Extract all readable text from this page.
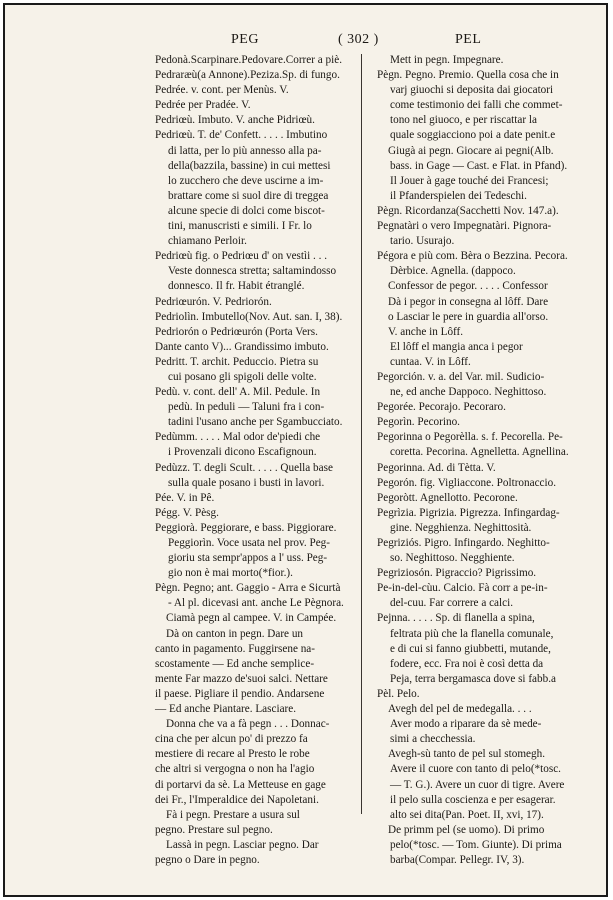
PEG	( 302 )	PEL
Pedonà.Scarpinare.Pedovare.Correr a piè.
Pedraræù(a Annone).Peziza.Sp. di fungo.
Pedrée. v. cont. per Menùs. V.
Pedrée per Pradée. V.
Pedriœù. Imbuto. V. anche Pidriœù.
Pedriœù. T. de' Confett. . . . . Imbutino
di latta, per lo più annesso alla pa-
della(bazzila, bassine) in cui mettesi
lo zucchero che deve uscirne a im-
brattare come si suol dire di treggea
alcune specie di dolci come biscot-
tini, manuscristi e simili. I Fr. lo
chiamano Perloir.
Pedriœù fig. o Pedriœu d' on vestìi . . .
Veste donnesca stretta; saltamindosso
donnesco. Il fr. Habit étranglé.
Pedriœurón. V. Pedriorón.
Pedriolìn. Imbutello(Nov. Aut. san. I, 38).
Pedriorón o Pedriœurón (Porta Vers.
Dante canto V)... Grandissimo imbuto.
Pedritt. T. archit. Peduccio. Pietra su
cui posano gli spigoli delle volte.
Pedù. v. cont. dell' A. Mil. Pedule. In
pedù. In peduli — Taluni fra i con-
tadini l'usano anche per Sgambucciato.
Pedùmm. . . . . Mal odor de'piedi che
i Provenzali dicono Escafignoun.
Pedùzz. T. degli Scult. . . . . Quella base
sulla quale posano i busti in lavori.
Pée. V. in Pê.
Pégg. V. Pèsg.
Peggiorà. Peggiorare, e bass. Piggiorare.
Peggiorìn. Voce usata nel prov. Peg-
gioriu sta sempr'appos a l' uss. Peg-
gio non è mai morto(*fior.).
Pègn. Pegno; ant. Gaggio - Arra e Sicurtà
- Al pl. dicevasi ant. anche Le Pègnora.
Ciamà pegn al campee. V. in Campée.
Dà on canton in pegn. Dare un
canto in pagamento. Fuggirsene na-
scostamente — Ed anche semplice-
mente Far mazzo de'suoi salci. Nettare
il paese. Pigliare il pendio. Andarsene
— Ed anche Piantare. Lasciare.
Donna che va a fà pegn . . . Donnac-
cina che per alcun po' di prezzo fa
mestiere di recare al Presto le robe
che altri si vergogna o non ha l'agio
di portarvi da sè. La Metteuse en gage
dei Fr., l'Imperaldice dei Napoletani.
Fà i pegn. Prestare a usura sul
pegno. Prestare sul pegno.
Lassà in pegn. Lasciar pegno. Dar
pegno o Dare in pegno.
Mett in pegn. Impegnare.
Pègn. Pegno. Premio. Quella cosa che in
varj giuochi si deposita dai giocatori
come testimonio dei falli che commet-
tono nel giuoco, e per riscattar la
quale soggiacciono poi a date penit.e
Giugà ai pegn. Giocare ai pegni(Alb.
bass. in Gage — Cast. e Flat. in Pfand).
Il Jouer à gage touché dei Francesi;
il Pfanderspielen dei Tedeschi.
Pègn. Ricordanza(Sacchetti Nov. 147.a).
Pegnatàri o vero Impegnatàri. Pignora-
tario. Usurajo.
Pégora e più com. Bèra o Bezzina. Pecora.
Dèrbice. Agnella. (dappoco.
Confessor de pegor. . . . . Confessor
Dà i pegor in consegna al lôff. Dare
o Lasciar le pere in guardia all'orso.
V. anche in Lôff.
El lôff el mangia anca i pegor
cuntaa. V. in Lôff.
Pegorción. v. a. del Var. mil. Sudicio-
ne, ed anche Dappoco. Neghittoso.
Pegorée. Pecorajo. Pecoraro.
Pegorìn. Pecorino.
Pegorinna o Pegorèlla. s. f. Pecorella. Pe-
coretta. Pecorina. Agnelletta. Agnellina.
Pegorinna. Ad. di Tètta. V.
Pegorón. fig. Vigliaccone. Poltronaccio.
Pegoròtt. Agnellotto. Pecorone.
Pegrìzia. Pigrizia. Pigrezza. Infingardag-
gine. Negghienza. Neghittosità.
Pegriziós. Pigro. Infingardo. Neghitto-
so. Neghittoso. Negghiente.
Pegriziosón. Pigraccio? Pigrissimo.
Pe-in-del-cùu. Calcio. Fà corr a pe-in-
del-cuu. Far correre a calci.
Pejnna. . . . . Sp. di flanella a spina,
feltrata più che la flanella comunale,
e di cui si fanno giubbetti, mutande,
fodere, ecc. Fra noi è così detta da
Peja, terra bergamasca dove si fabb.a
Pèl. Pelo.
Avegh del pel de medegalla. . . .
Aver modo a riparare da sè mede-
simi a checchessia.
Avegh-sù tanto de pel sul stomegh.
Avere il cuore con tanto di pelo(*tosc.
— T. G.). Avere un cuor di tigre. Avere
il pelo sulla coscienza e per esagerar.
alto sei dita(Pan. Poet. II, xvi, 17).
De primm pel (se uomo). Di primo
pelo(*tosc. — Tom. Giunte). Di prima
barba(Compar. Pellegr. IV, 3).
